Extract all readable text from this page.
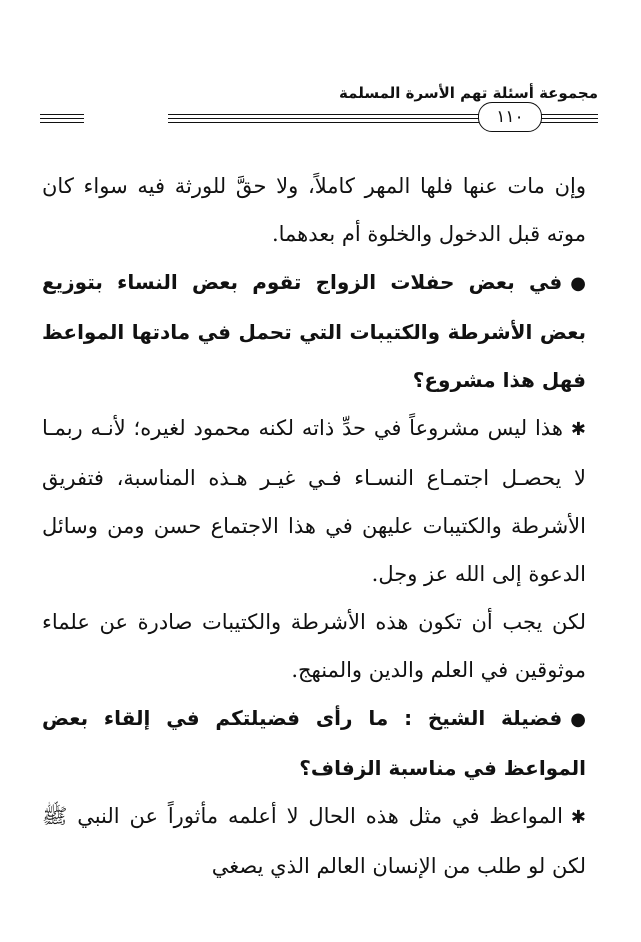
مجموعة أسئلة تهم الأسرة المسلمة
١١٠

وإن مات عنها فلها المهر كاملاً، ولا حقَّ للورثة فيه سواء كان موته قبل الدخول والخلوة أم بعدهما.

●في بعض حفلات الزواج تقوم بعض النساء بتوزيع بعض الأشرطة والكتيبات التي تحمل في مادتها المواعظ فهل هذا مشروع؟

✱هذا ليس مشروعاً في حدِّ ذاته لكنه محمود لغيره؛ لأنـه ربمـا لا يحصـل اجتمـاع النسـاء فـي غيـر هـذه المناسبة، فتفريق الأشرطة والكتيبات عليهن في هذا الاجتماع حسن ومن وسائل الدعوة إلى الله عز وجل.

لكن يجب أن تكون هذه الأشرطة والكتيبات صادرة عن علماء موثوقين في العلم والدين والمنهج.

●فضيلة الشيخ : ما رأى فضيلتكم في إلقاء بعض المواعظ في مناسبة الزفاف؟

✱المواعظ في مثل هذه الحال لا أعلمه مأثوراً عن النبي ﷺ لكن لو طلب من الإنسان العالم الذي يصغي
